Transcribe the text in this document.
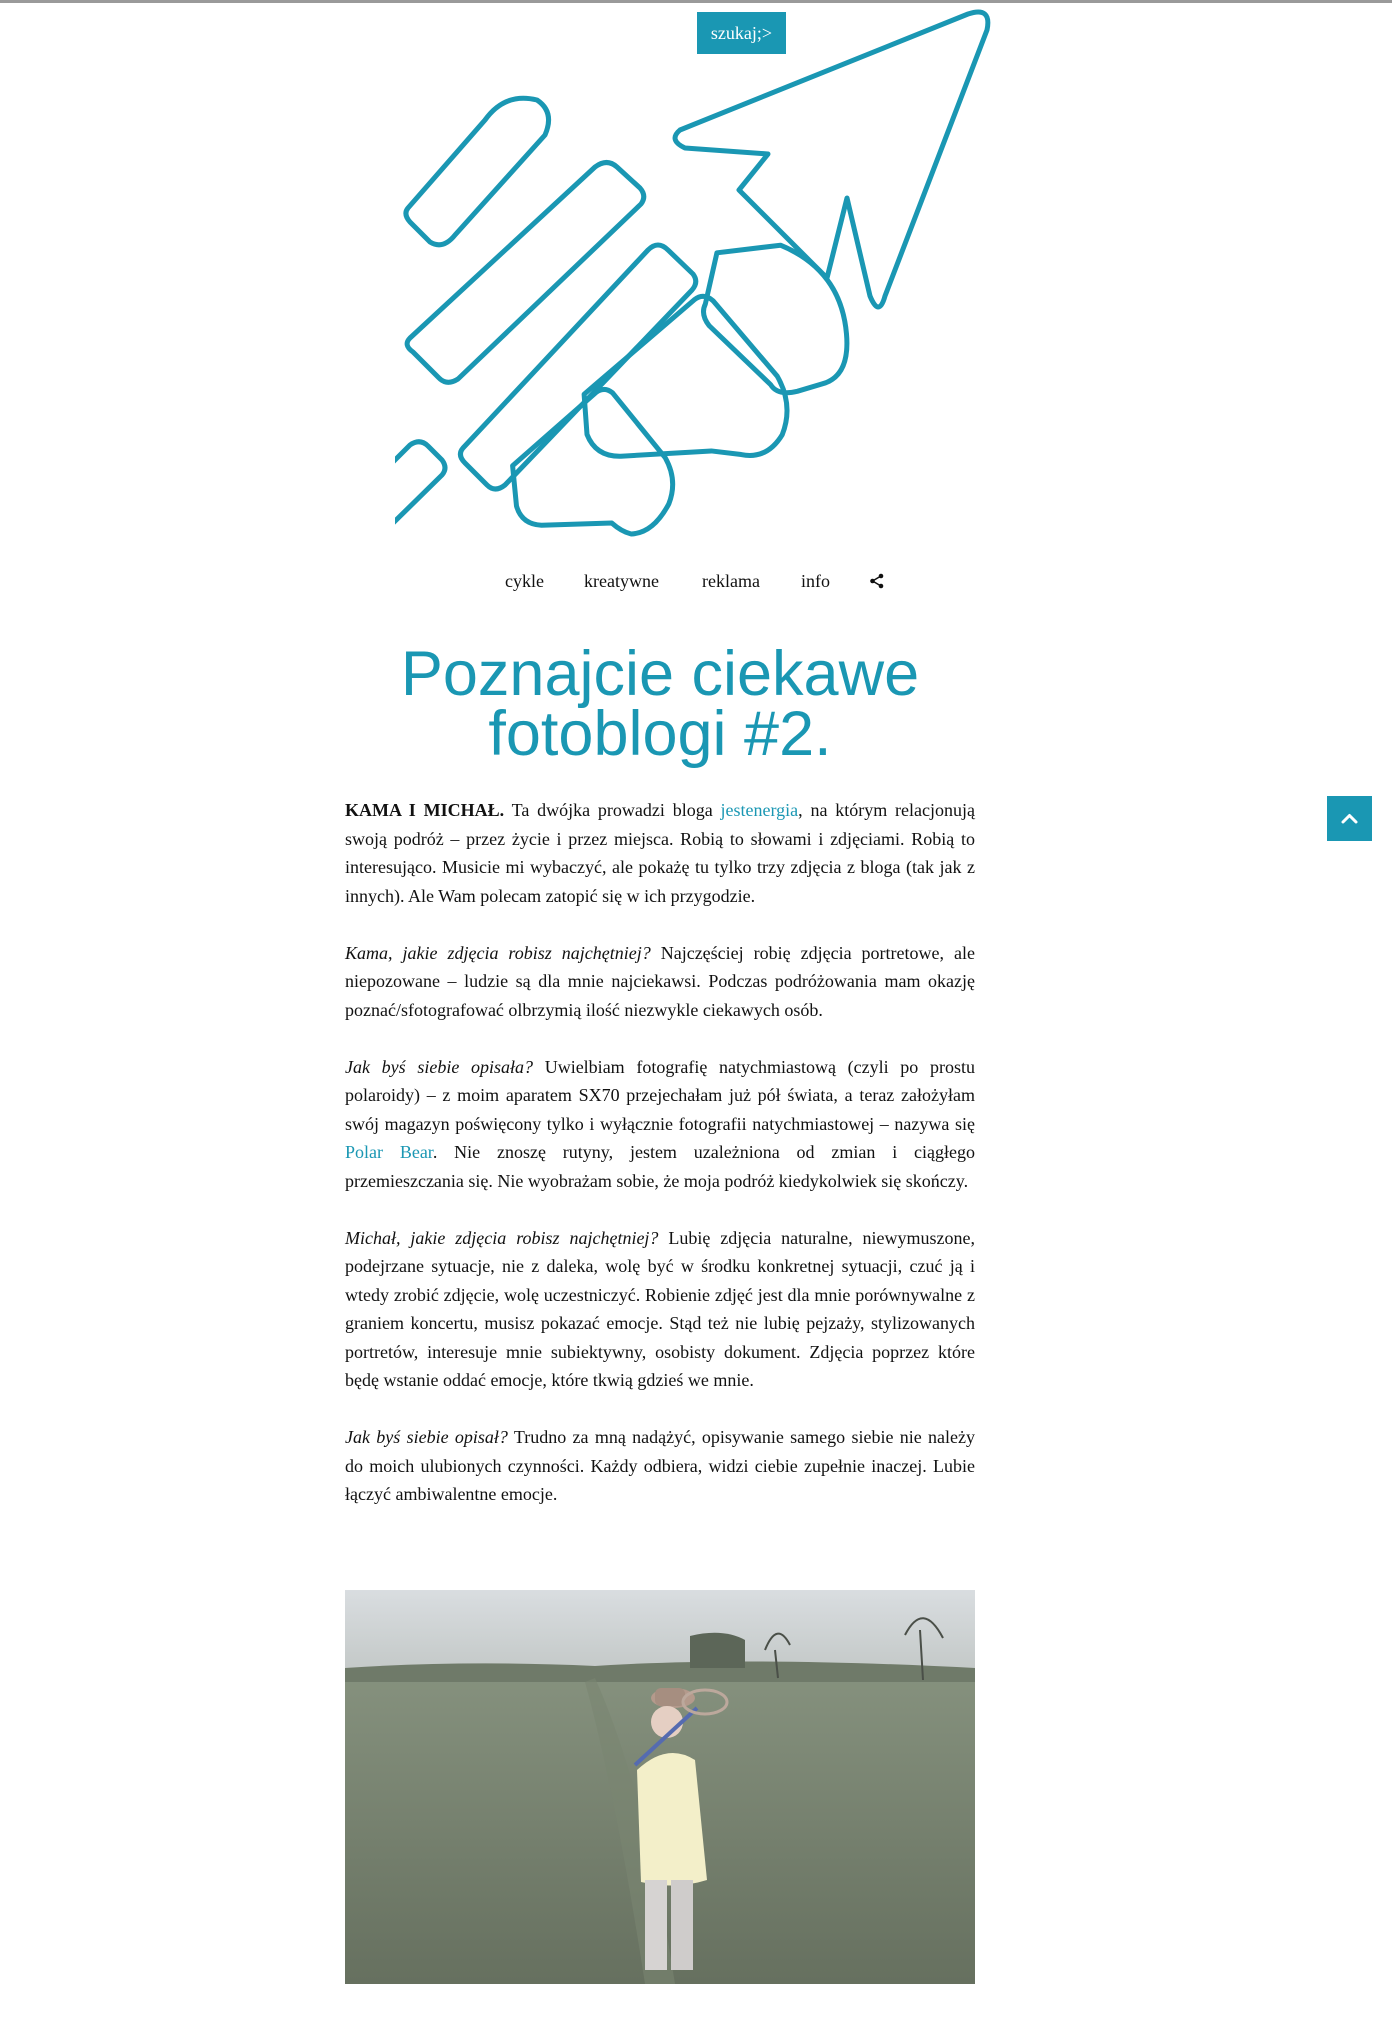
szukaj;>
cykle kreatywne reklama info
Poznajcie ciekawe
fotoblogi #2.

KAMA I MICHAŁ. Ta dwójka prowadzi bloga jestenergia, na którym relacjonują swoją podróż – przez życie i przez miejsca. Robią to słowami i zdjęciami. Robią to interesująco. Musicie mi wybaczyć, ale pokażę tu tylko trzy zdjęcia z bloga (tak jak z innych). Ale Wam polecam zatopić się w ich przygodzie.

Kama, jakie zdjęcia robisz najchętniej? Najczęściej robię zdjęcia portretowe, ale niepozowane – ludzie są dla mnie najciekawsi. Podczas podróżowania mam okazję poznać/sfotografować olbrzymią ilość niezwykle ciekawych osób.

Jak byś siebie opisała? Uwielbiam fotografię natychmiastową (czyli po prostu polaroidy) – z moim aparatem SX70 przejechałam już pół świata, a teraz założyłam swój magazyn poświęcony tylko i wyłącznie fotografii natychmiastowej – nazywa się Polar Bear. Nie znoszę rutyny, jestem uzależniona od zmian i ciągłego przemieszczania się. Nie wyobrażam sobie, że moja podróż kiedykolwiek się skończy.

Michał, jakie zdjęcia robisz najchętniej? Lubię zdjęcia naturalne, niewymuszone, podejrzane sytuacje, nie z daleka, wolę być w środku konkretnej sytuacji, czuć ją i wtedy zrobić zdjęcie, wolę uczestniczyć. Robienie zdjęć jest dla mnie porównywalne z graniem koncertu, musisz pokazać emocje. Stąd też nie lubię pejzaży, stylizowanych portretów, interesuje mnie subiektywny, osobisty dokument. Zdjęcia poprzez które będę wstanie oddać emocje, które tkwią gdzieś we mnie.

Jak byś siebie opisał? Trudno za mną nadążyć, opisywanie samego siebie nie należy do moich ulubionych czynności. Każdy odbiera, widzi ciebie zupełnie inaczej. Lubie łączyć ambiwalentne emocje.
